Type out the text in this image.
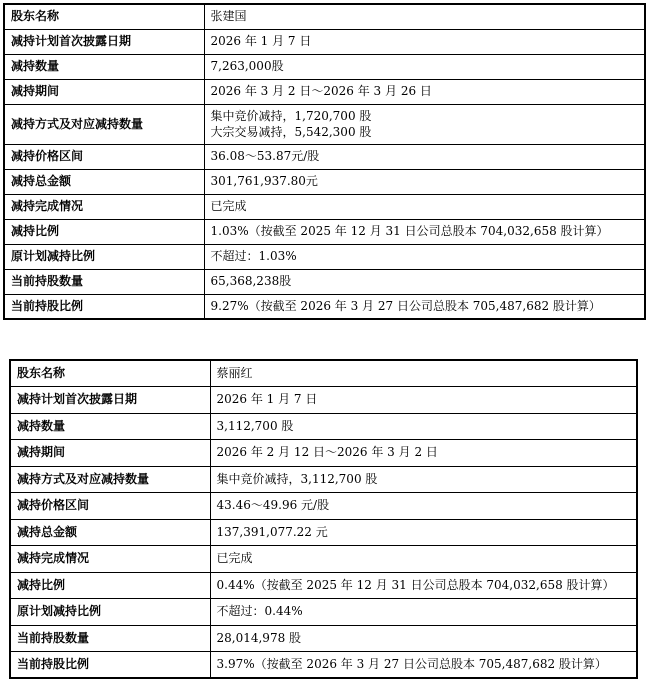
股东名称	张建国
减持计划首次披露日期	2026 年 1 月 7 日
减持数量	7,263,000股
减持期间	2026 年 3 月 2 日～2026 年 3 月 26 日
减持方式及对应减持数量	集中竞价减持，1,720,700 股
大宗交易减持，5,542,300 股

减持价格区间	36.08～53.87元/股
减持总金额	301,761,937.80元
减持完成情况	已完成
减持比例	1.03%（按截至 2025 年 12 月 31 日公司总股本 704,032,658 股计算）
原计划减持比例	不超过：1.03%
当前持股数量	65,368,238股
当前持股比例	9.27%（按截至 2026 年 3 月 27 日公司总股本 705,487,682 股计算）
股东名称	蔡丽红
减持计划首次披露日期	2026 年 1 月 7 日
减持数量	3,112,700 股
减持期间	2026 年 2 月 12 日～2026 年 3 月 2 日
减持方式及对应减持数量	集中竞价减持，3,112,700 股
减持价格区间	43.46～49.96 元/股
减持总金额	137,391,077.22 元
减持完成情况	已完成
减持比例	0.44%（按截至 2025 年 12 月 31 日公司总股本 704,032,658 股计算）
原计划减持比例	不超过：0.44%
当前持股数量	28,014,978 股
当前持股比例	3.97%（按截至 2026 年 3 月 27 日公司总股本 705,487,682 股计算）
